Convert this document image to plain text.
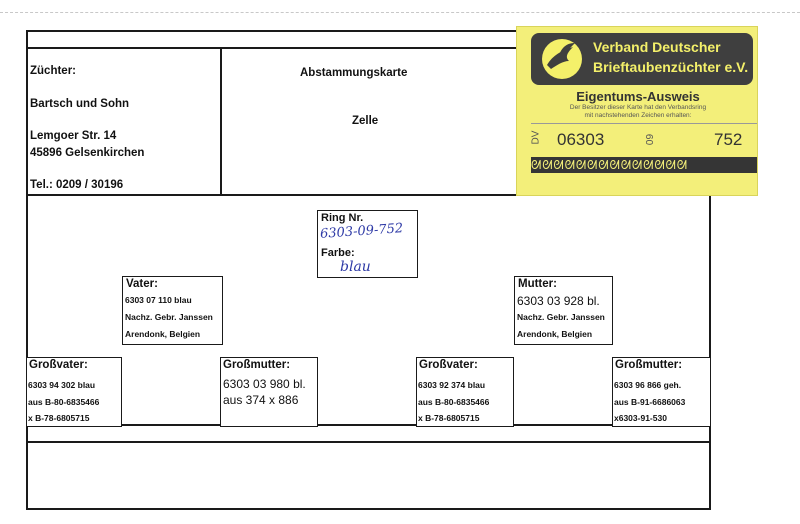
Züchter:
Bartsch und Sohn
Lemgoer Str. 14
45896 Gelsenkirchen
Tel.: 0209 / 30196
Abstammungskarte
Zelle
Verband Deutscher
Brieftaubenzüchter e.V.
Eigentums-Ausweis
Der Besitzer dieser Karte hat den Verbandsring
mit nachstehenden Zeichen erhalten:
DV 06303	09	752
ᘛᘛᘛᘛᘛᘛᘛᘛᘛᘛᘛᘛᘛᘛ
Ring Nr.
6303-09-752
Farbe:
blau
Vater:
6303 07 110 blau
Nachz. Gebr. Janssen
Arendonk, Belgien
Mutter:
6303 03 928 bl.
Nachz. Gebr. Janssen
Arendonk, Belgien
Großvater:
6303 94 302 blau
aus B-80-6835466
x B-78-6805715
Großmutter:
6303 03 980 bl.
aus 374 x 886
Großvater:
6303 92 374 blau
aus B-80-6835466
x B-78-6805715
Großmutter:
6303 96 866 geh.
aus B-91-6686063
x6303-91-530
